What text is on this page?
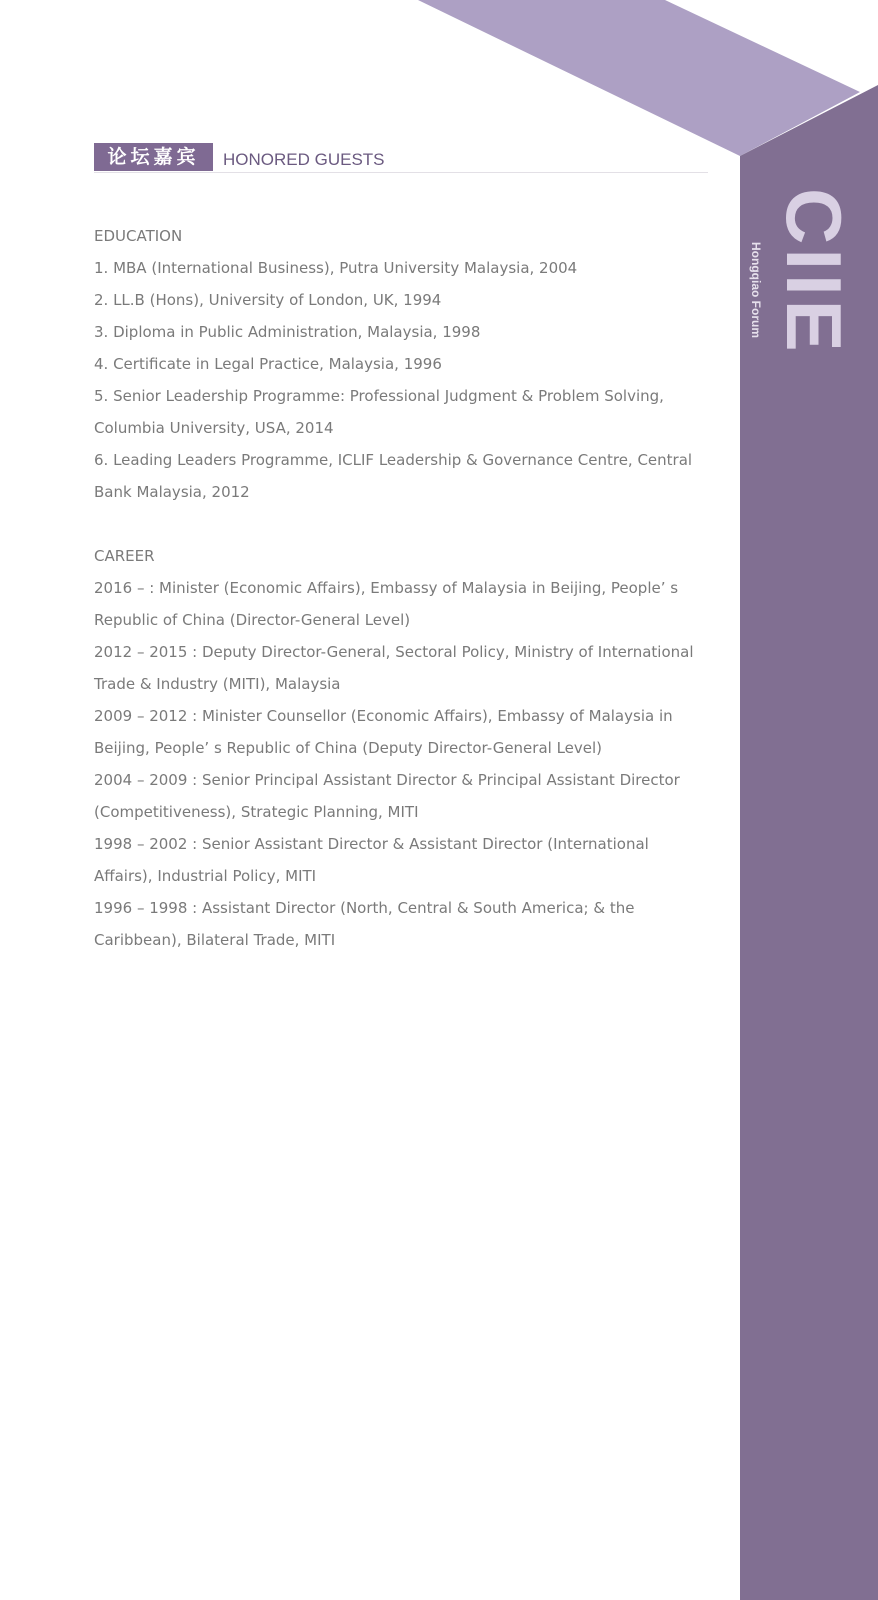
CIIE
Hongqiao Forum
论坛嘉宾	HONORED GUESTS

EDUCATION

1. MBA (International Business), Putra University Malaysia, 2004

2. LL.B (Hons), University of London, UK, 1994

3. Diploma in Public Administration, Malaysia, 1998

4. Certificate in Legal Practice, Malaysia, 1996

5. Senior Leadership Programme: Professional Judgment & Problem Solving, Columbia University, USA, 2014

6. Leading Leaders Programme, ICLIF Leadership & Governance Centre, Central Bank Malaysia, 2012

CAREER

2016 – : Minister (Economic Affairs), Embassy of Malaysia in Beijing, People’ s Republic of China (Director-General Level)

2012 – 2015 : Deputy Director-General, Sectoral Policy, Ministry of International Trade & Industry (MITI), Malaysia

2009 – 2012 : Minister Counsellor (Economic Affairs), Embassy of Malaysia in Beijing, People’ s Republic of China (Deputy Director-General Level)

2004 – 2009 : Senior Principal Assistant Director & Principal Assistant Director (Competitiveness), Strategic Planning, MITI

1998 – 2002 : Senior Assistant Director & Assistant Director (International Affairs), Industrial Policy, MITI

1996 – 1998 : Assistant Director (North, Central & South America; & the Caribbean), Bilateral Trade, MITI
